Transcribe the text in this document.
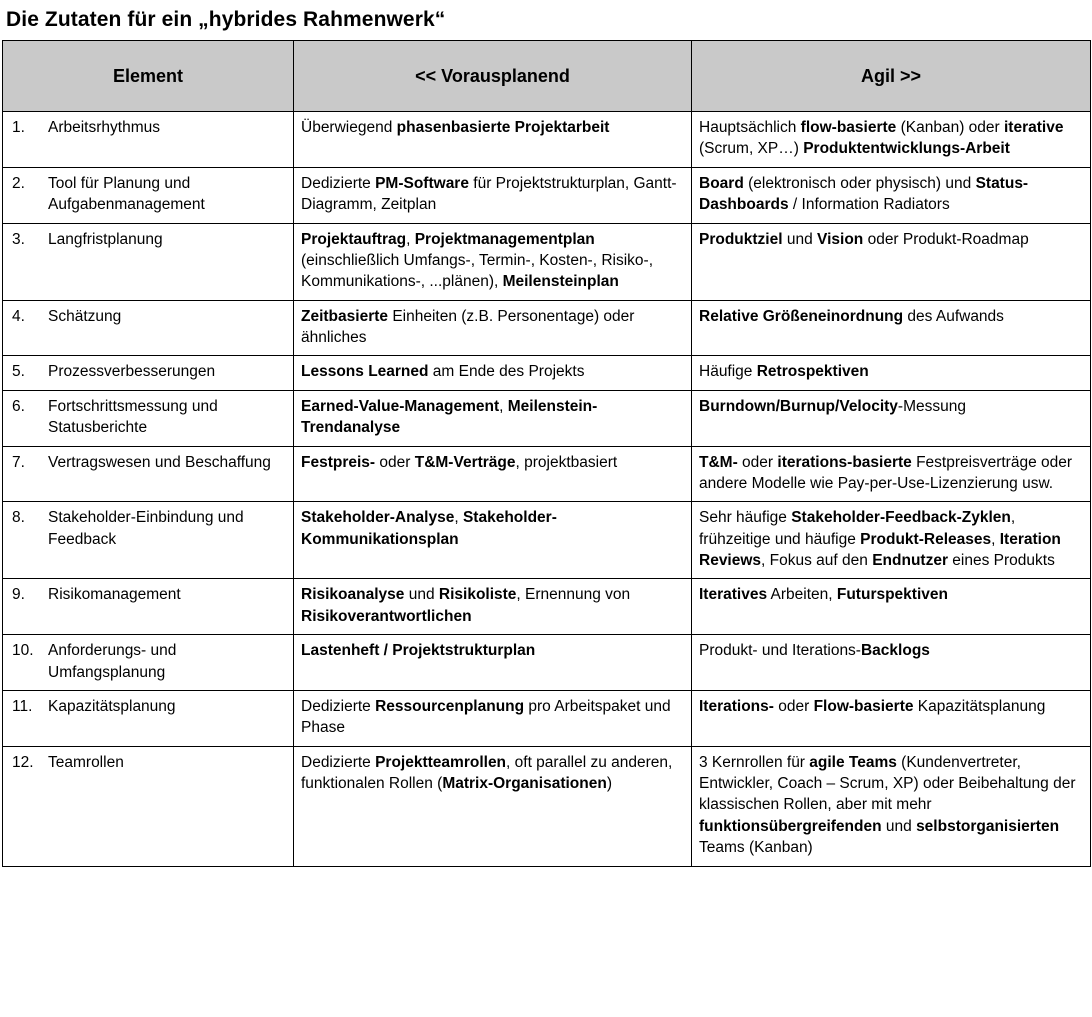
Die Zutaten für ein „hybrides Rahmenwerk“
Element	<< Vorausplanend	Agil >>

1. Arbeitsrhythmus	Überwiegend phasenbasierte Projektarbeit	Hauptsächlich flow-basierte (Kanban) oder iterative (Scrum, XP…) Produktentwicklungs-Arbeit

2. Tool für Planung und Aufgabenmanagement	Dedizierte PM-Software für Projektstrukturplan, Gantt-Diagramm, Zeitplan	Board (elektronisch oder physisch) und Status-Dashboards / Information Radiators

3. Langfristplanung	Projektauftrag, Projektmanagementplan (einschließlich Umfangs-, Termin-, Kosten-, Risiko-, Kommunikations-, ...plänen), Meilensteinplan	Produktziel und Vision oder Produkt-Roadmap

4. Schätzung	Zeitbasierte Einheiten (z.B. Personentage) oder ähnliches	Relative Größeneinordnung des Aufwands

5. Prozessverbesserungen	Lessons Learned am Ende des Projekts	Häufige Retrospektiven

6. Fortschrittsmessung und Statusberichte	Earned-Value-Management, Meilenstein-Trendanalyse	Burndown/Burnup/Velocity-Messung

7. Vertragswesen und Beschaffung	Festpreis- oder T&M-Verträge, projektbasiert	T&M- oder iterations-basierte Festpreisverträge oder andere Modelle wie Pay-per-Use-Lizenzierung usw.

8. Stakeholder-Einbindung und Feedback	Stakeholder-Analyse, Stakeholder-Kommunikationsplan	Sehr häufige Stakeholder-Feedback-Zyklen, frühzeitige und häufige Produkt-Releases, Iteration Reviews, Fokus auf den Endnutzer eines Produkts

9. Risikomanagement	Risikoanalyse und Risikoliste, Ernennung von Risikoverantwortlichen	Iteratives Arbeiten, Futurspektiven

10. Anforderungs- und Umfangsplanung	Lastenheft / Projektstrukturplan	Produkt- und Iterations-Backlogs

11. Kapazitätsplanung	Dedizierte Ressourcenplanung pro Arbeitspaket und Phase	Iterations- oder Flow-basierte Kapazitätsplanung

12. Teamrollen	Dedizierte Projektteamrollen, oft parallel zu anderen, funktionalen Rollen (Matrix-Organisationen)	3 Kernrollen für agile Teams (Kundenvertreter, Entwickler, Coach – Scrum, XP) oder Beibehaltung der klassischen Rollen, aber mit mehr funktionsübergreifenden und selbstorganisierten Teams (Kanban)
